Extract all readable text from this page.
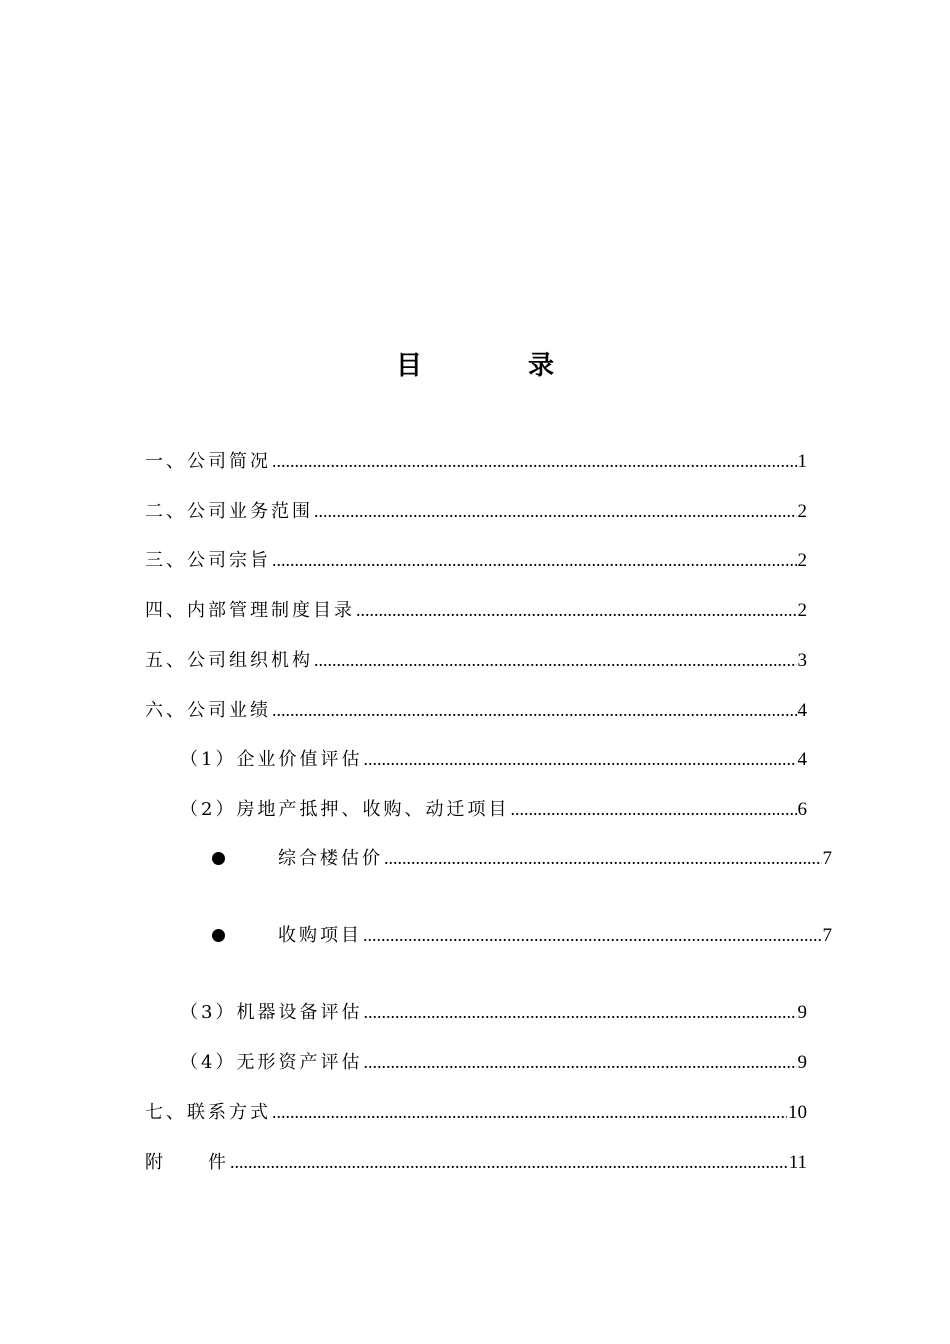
目　录
一、公司简况 .....	1
二、公司业务范围 .....	2
三、公司宗旨 .....	2
四、内部管理制度目录 .....	2
五、公司组织机构 .....	3
六、公司业绩 .....	4
（1）企业价值评估 .....	4
（2）房地产抵押、收购、动迁项目 .....	6
综合楼估价 .....	7
收购项目 .....	7
（3）机器设备评估 .....	9
（4）无形资产评估 .....	9
七、联系方式 .....	10
附　　件 .....	11
